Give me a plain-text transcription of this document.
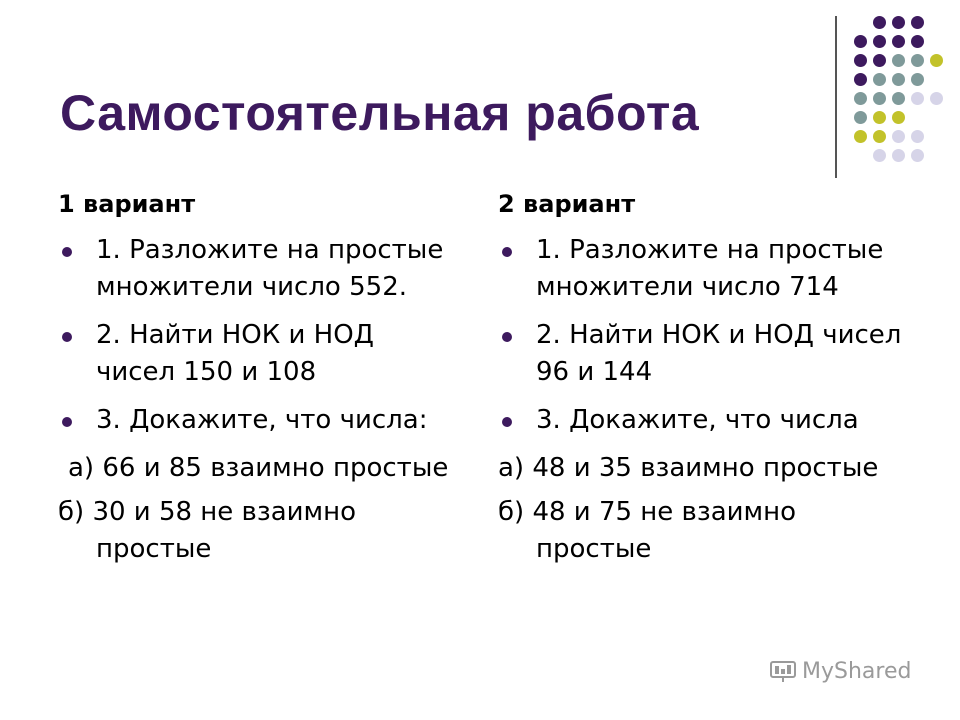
Самостоятельная работа
1 вариант
1. Разложите на простые множители число 552.
2. Найти НОК и НОД чисел 150 и 108
3. Докажите, что числа:
а) 66 и 85 взаимно простые
б) 30 и 58 не взаимно простые
2 вариант
1. Разложите на простые множители число 714
2. Найти НОК и НОД чисел 96 и 144
3. Докажите, что числа
а) 48 и 35 взаимно простые
б) 48 и 75 не взаимно простые
MyShared
